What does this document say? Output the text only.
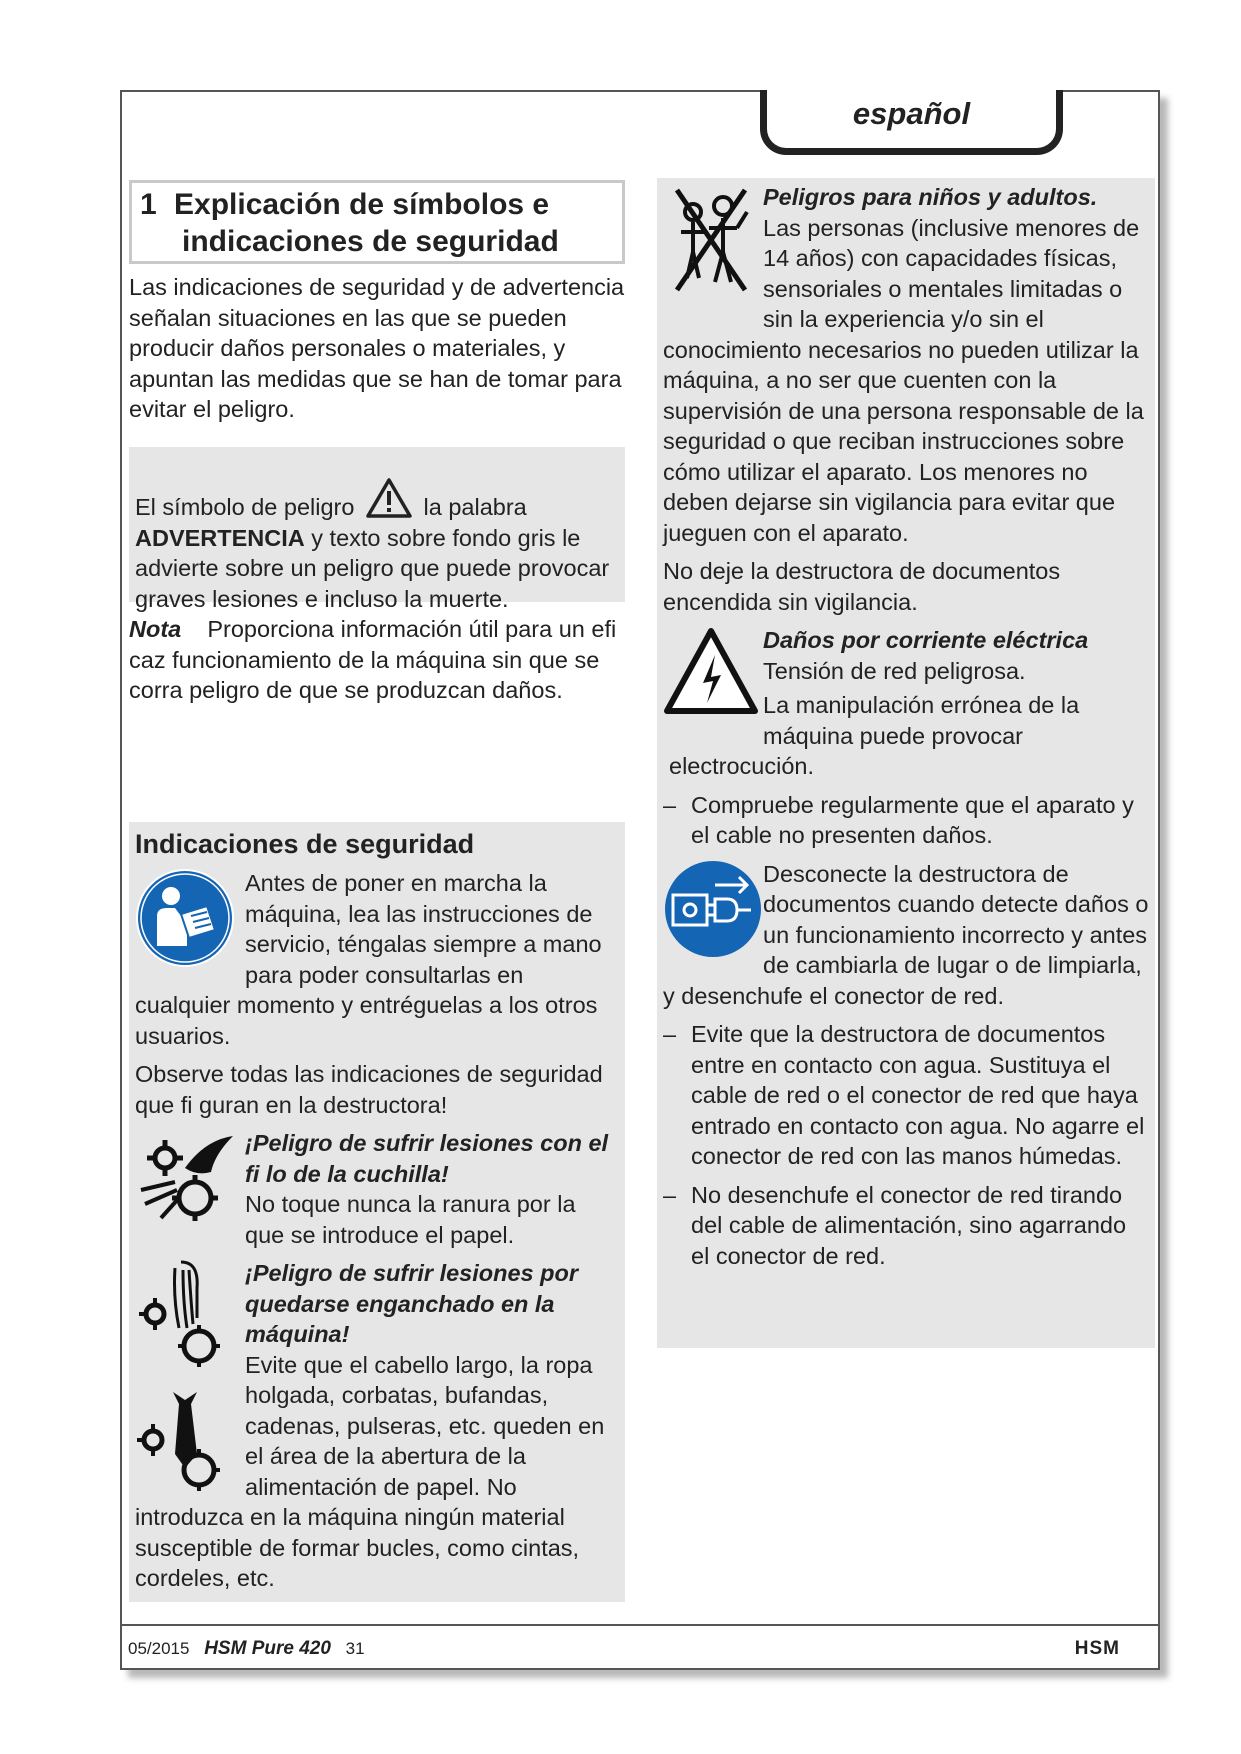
español
1 Explicación de símbolos e
indicaciones de seguridad
Las indicaciones de seguridad y de advertencia señalan situaciones en las que se pueden producir daños personales o materiales, y apuntan las medidas que se han de tomar para evitar el peligro.
El símbolo de peligro	la palabra ADVERTENCIA y texto sobre fondo gris le advierte sobre un peligro que puede provocar graves lesiones e incluso la muerte.
Nota Proporciona información útil para un efi caz funcionamiento de la máquina sin que se corra peligro de que se produzcan daños.
Indicaciones de seguridad
Antes de poner en marcha la máquina, lea las instrucciones de servicio, téngalas siempre a mano para poder consultarlas en cualquier momento y entréguelas a los otros usuarios.
Observe todas las indicaciones de seguridad que fi guran en la destructora!
¡Peligro de sufrir lesiones con el fi lo de la cuchilla!
No toque nunca la ranura por la que se introduce el papel.

¡Peligro de sufrir lesiones por quedarse enganchado en la máquina!
Evite que el cabello largo, la ropa holgada, corbatas, bufandas, cadenas, pulseras, etc. queden en el área de la abertura de la alimentación de papel. No introduzca en la máquina ningún material susceptible de formar bucles, como cintas, cordeles, etc.
Peligros para niños y adultos.
Las personas (inclusive menores de 14 años) con capacidades físicas, sensoriales o mentales limitadas o sin la experiencia y/o sin el conocimiento necesarios no pueden utilizar la máquina, a no ser que cuenten con la supervisión de una persona responsable de la seguridad o que reciban instrucciones sobre cómo utilizar el aparato. Los menores no deben dejarse sin vigilancia para evitar que jueguen con el aparato.
No deje la destructora de documentos encendida sin vigilancia.
Daños por corriente eléctrica
Tensión de red peligrosa.
La manipulación errónea de la máquina puede provocar electrocución.
– Compruebe regularmente que el aparato y el cable no presenten daños.
Desconecte la destructora de documentos cuando detecte daños o un funcionamiento incorrecto y antes de cambiarla de lugar o de limpiarla, y desenchufe el conector de red.
– Evite que la destructora de documentos entre en contacto con agua. Sustituya el cable de red o el conector de red que haya entrado en contacto con agua. No agarre el conector de red con las manos húmedas.
– No desenchufe el conector de red tirando del cable de alimentación, sino agarrando el conector de red.
05/2015 HSM Pure 420 31	HSM
